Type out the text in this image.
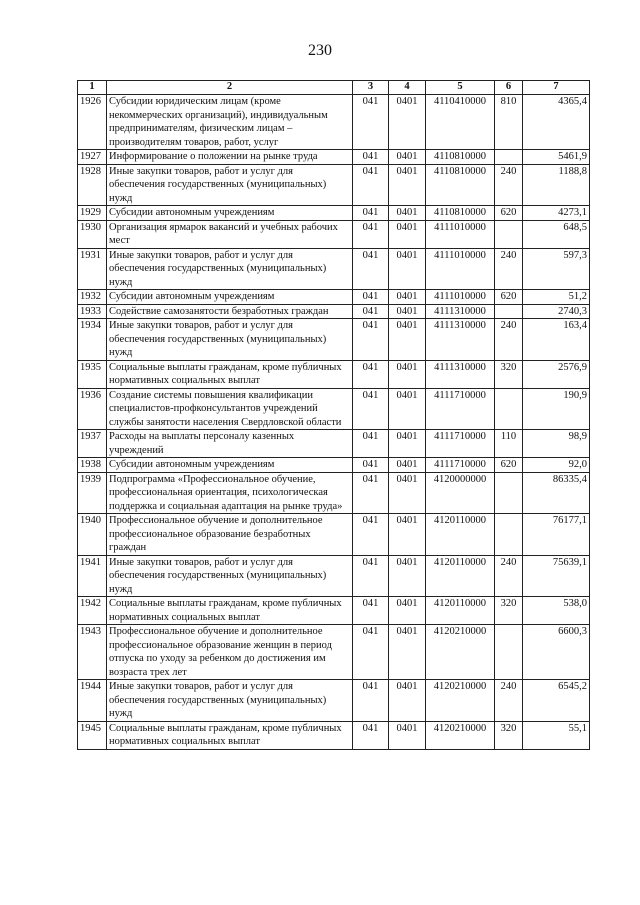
230
1	2	3	4	5	6	7
1926	Субсидии юридическим лицам (кроме некоммерческих организаций), индивидуальным предпринимателям, физическим лицам – производителям товаров, работ, услуг	041	0401	4110410000	810	4365,4
1927	Информирование о положении на рынке труда	041	0401	4110810000		5461,9
1928	Иные закупки товаров, работ и услуг для обеспечения государственных (муниципальных) нужд	041	0401	4110810000	240	1188,8
1929	Субсидии автономным учреждениям	041	0401	4110810000	620	4273,1
1930	Организация ярмарок вакансий и учебных рабочих мест	041	0401	4111010000		648,5
1931	Иные закупки товаров, работ и услуг для обеспечения государственных (муниципальных) нужд	041	0401	4111010000	240	597,3
1932	Субсидии автономным учреждениям	041	0401	4111010000	620	51,2
1933	Содействие самозанятости безработных граждан	041	0401	4111310000		2740,3
1934	Иные закупки товаров, работ и услуг для обеспечения государственных (муниципальных) нужд	041	0401	4111310000	240	163,4
1935	Социальные выплаты гражданам, кроме публичных нормативных социальных выплат	041	0401	4111310000	320	2576,9
1936	Создание системы повышения квалификации специалистов-профконсультантов учреждений службы занятости населения Свердловской области	041	0401	4111710000		190,9
1937	Расходы на выплаты персоналу казенных учреждений	041	0401	4111710000	110	98,9
1938	Субсидии автономным учреждениям	041	0401	4111710000	620	92,0
1939	Подпрограмма «Профессиональное обучение, профессиональная ориентация, психологическая поддержка и социальная адаптация на рынке труда»	041	0401	4120000000		86335,4
1940	Профессиональное обучение и дополнительное профессиональное образование безработных граждан	041	0401	4120110000		76177,1
1941	Иные закупки товаров, работ и услуг для обеспечения государственных (муниципальных) нужд	041	0401	4120110000	240	75639,1
1942	Социальные выплаты гражданам, кроме публичных нормативных социальных выплат	041	0401	4120110000	320	538,0
1943	Профессиональное обучение и дополнительное профессиональное образование женщин в период отпуска по уходу за ребенком до достижения им возраста трех лет	041	0401	4120210000		6600,3
1944	Иные закупки товаров, работ и услуг для обеспечения государственных (муниципальных) нужд	041	0401	4120210000	240	6545,2
1945	Социальные выплаты гражданам, кроме публичных нормативных социальных выплат	041	0401	4120210000	320	55,1
